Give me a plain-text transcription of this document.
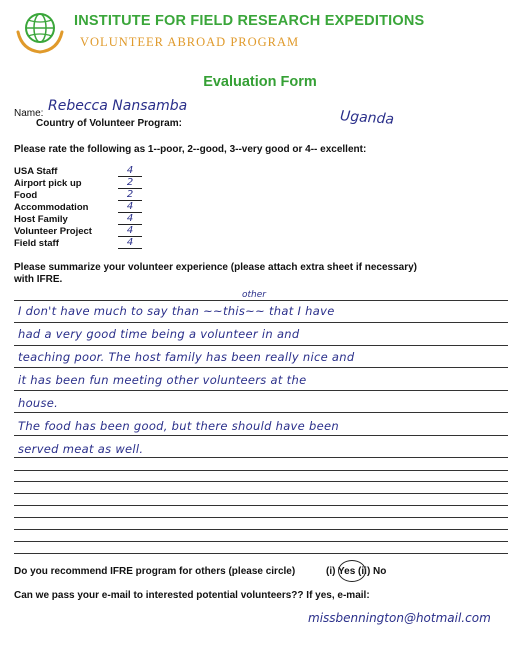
INSTITUTE FOR FIELD RESEARCH EXPEDITIONS
VOLUNTEER ABROAD PROGRAM
Evaluation Form
Name: Rebecca Nansamba
Country of Volunteer Program:	Uganda
Please rate the following as 1--poor, 2--good, 3--very good or 4-- excellent:
USA Staff	4
Airport pick up	2
Food	2
Accommodation	4
Host Family	4
Volunteer Project	4
Field staff	4
Please summarize your volunteer experience (please attach extra sheet if necessary)
with IFRE.
other
I don't have much to say than ~~this~~ that I have
had a very good time being a volunteer in and
teaching poor. The host family has been really nice and
it has been fun meeting other volunteers at the
house.
The food has been good, but there should have been
served meat as well.
Do you recommend IFRE program for others (please circle)	(i) Yes (ii) No
Can we pass your e-mail to interested potential volunteers?? If yes, e-mail:
missbennington@hotmail.com
